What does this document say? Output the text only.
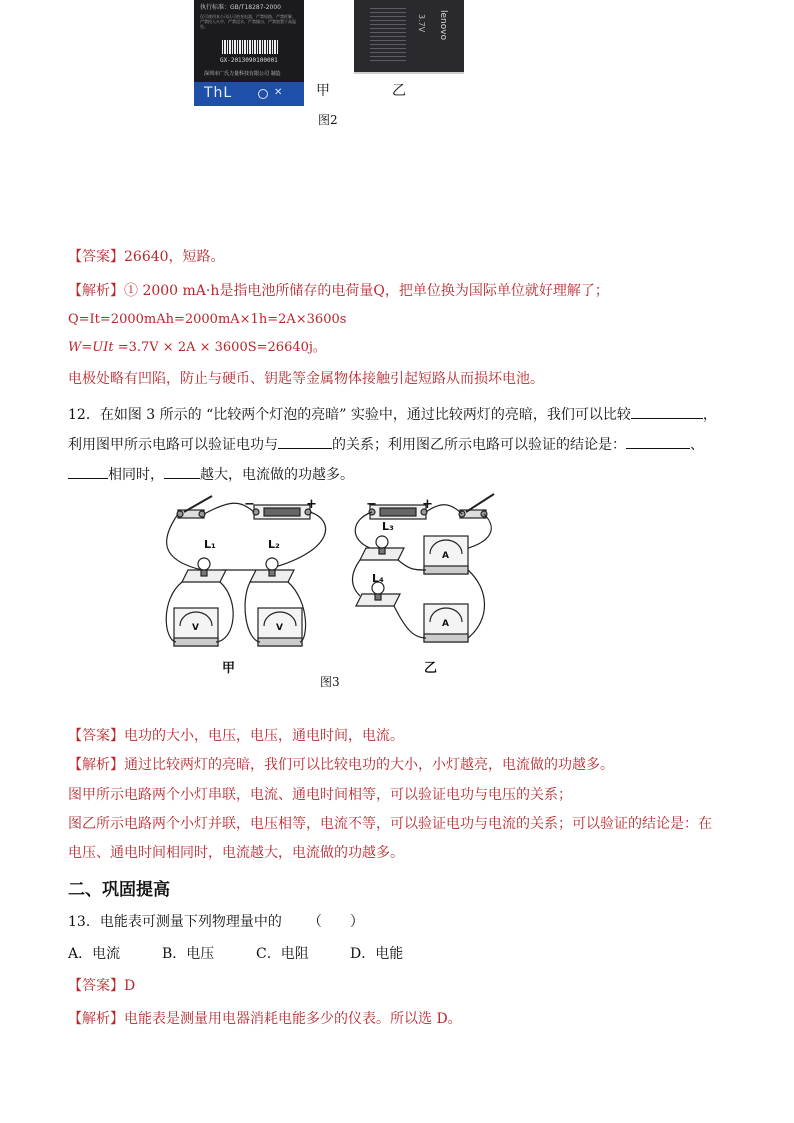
执行标准：GB/T18287-2000
仅可使用本公司认可的充电器，严禁短路，严禁拆解，严禁投入火中，严禁浸水，严禁撞击，严禁放置于高温处。
GX-2013090100001
深圳市广氏力量科技有限公司 制造
ThL	✕
lenovo
3.7V
甲	乙
图2
【答案】26640，短路。
【解析】① 2000 mA·h是指电池所储存的电荷量Q，把单位换为国际单位就好理解了；
Q=It=2000mAh=2000mA×1h=2A×3600s
W=UIt =3.7V × 2A × 3600S=26640j。
电极处略有凹陷，防止与硬币、钥匙等金属物体接触引起短路从而损坏电池。
12．在如图 3 所示的 “比较两个灯泡的亮暗” 实验中，通过比较两灯的亮暗，我们可以比较	，
利用图甲所示电路可以验证电功与	的关系；利用图乙所示电路可以验证的结论是：	、
相同时，	越大，电流做的功越多。
L₁	L₂
L₃
L₄
V	V
A
A
+
−	−	+
甲	乙
图3
【答案】电功的大小，电压，电压，通电时间，电流。
【解析】通过比较两灯的亮暗，我们可以比较电功的大小，小灯越亮，电流做的功越多。
图甲所示电路两个小灯串联，电流、通电时间相等，可以验证电功与电压的关系；
图乙所示电路两个小灯并联，电压相等，电流不等，可以验证电功与电流的关系；可以验证的结论是：在
电压、通电时间相同时，电流越大，电流做的功越多。
二、巩固提高
13．电能表可测量下列物理量中的 （　　）
A．电流	B．电压	C．电阻	D．电能
【答案】D
【解析】电能表是测量用电器消耗电能多少的仪表。所以选 D。
